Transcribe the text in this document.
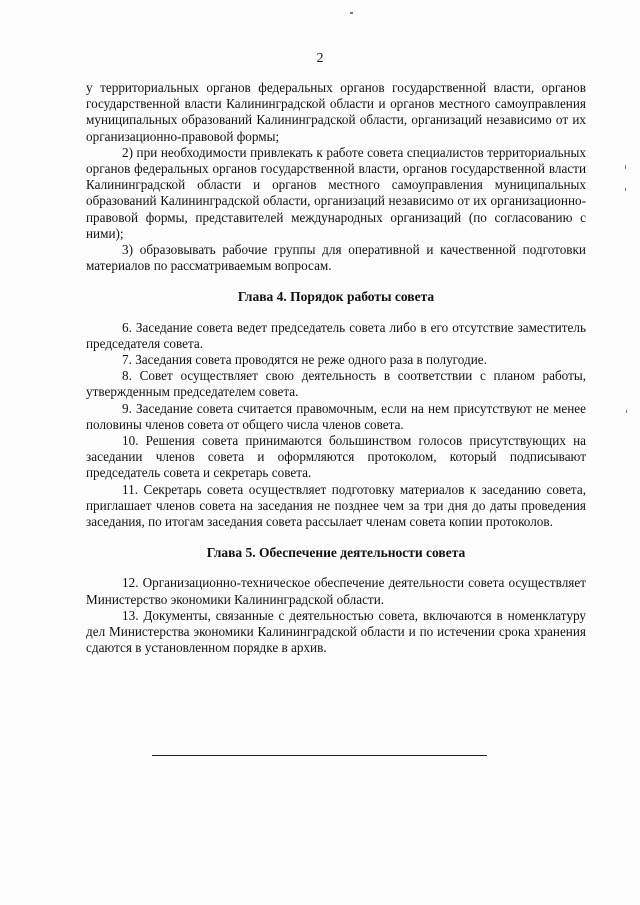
2

у территориальных органов федеральных органов государственной власти, органов государственной власти Калининградской области и органов местного самоуправления муниципальных образований Калининградской области, организаций независимо от их организационно-правовой формы;

2) при необходимости привлекать к работе совета специалистов территориальных органов федеральных органов государственной власти, органов государственной власти Калининградской области и органов местного самоуправления муниципальных образований Калининградской области, организаций независимо от их организационно-правовой формы, представителей международных организаций (по согласованию с ними);

3) образовывать рабочие группы для оперативной и качественной подготовки материалов по рассматриваемым вопросам.

Глава 4. Порядок работы совета

6. Заседание совета ведет председатель совета либо в его отсутствие заместитель председателя совета.

7. Заседания совета проводятся не реже одного раза в полугодие.

8. Совет осуществляет свою деятельность в соответствии с планом работы, утвержденным председателем совета.

9. Заседание совета считается правомочным, если на нем присутствуют не менее половины членов совета от общего числа членов совета.

10. Решения совета принимаются большинством голосов присутствующих на заседании членов совета и оформляются протоколом, который подписывают председатель совета и секретарь совета.

11. Секретарь совета осуществляет подготовку материалов к заседанию совета, приглашает членов совета на заседания не позднее чем за три дня до даты проведения заседания, по итогам заседания совета рассылает членам совета копии протоколов.

Глава 5. Обеспечение деятельности совета

12. Организационно-техническое обеспечение деятельности совета осуществляет Министерство экономики Калининградской области.

13. Документы, связанные с деятельностью совета, включаются в номенклатуру дел Министерства экономики Калининградской области и по истечении срока хранения сдаются в установленном порядке в архив.
